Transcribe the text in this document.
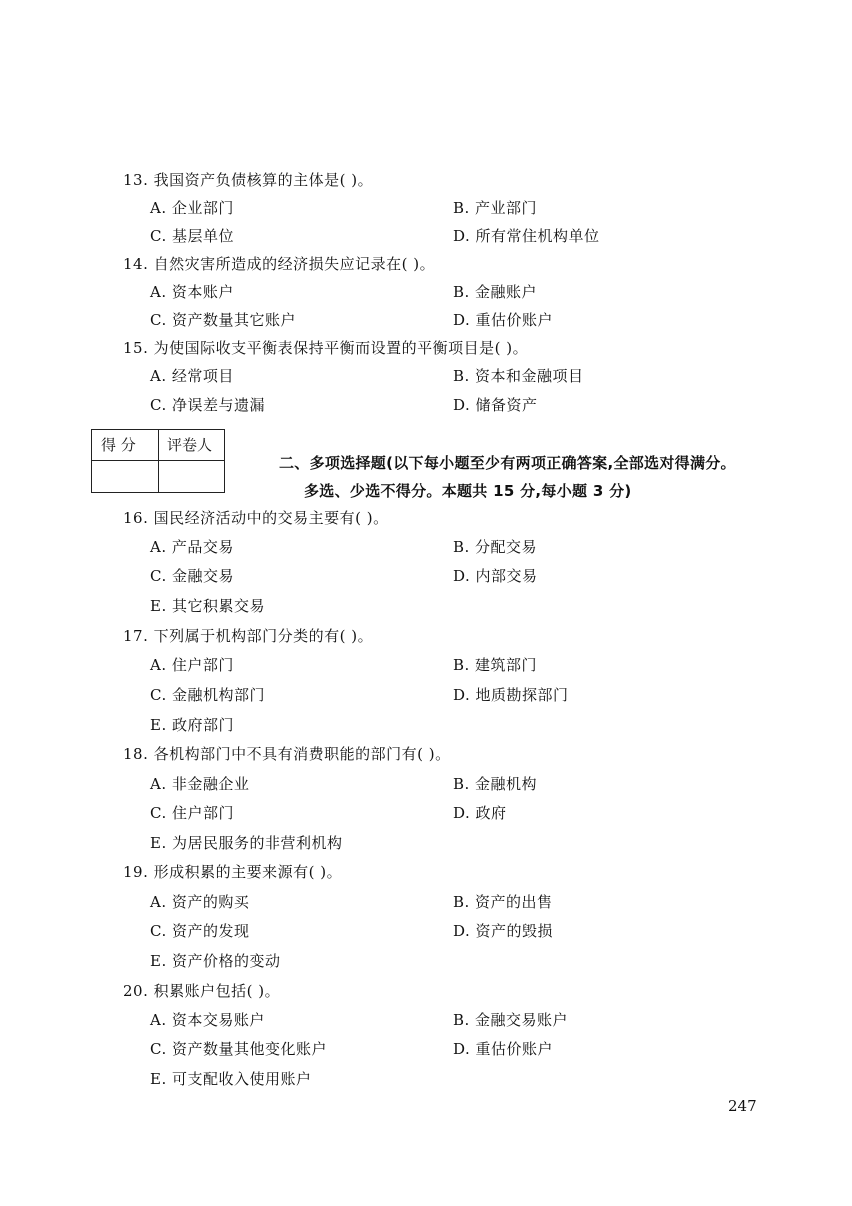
13. 我国资产负债核算的主体是( )。
A. 企业部门	B. 产业部门
C. 基层单位	D. 所有常住机构单位
14. 自然灾害所造成的经济损失应记录在( )。
A. 资本账户	B. 金融账户
C. 资产数量其它账户	D. 重估价账户
15. 为使国际收支平衡表保持平衡而设置的平衡项目是( )。
A. 经常项目	B. 资本和金融项目
C. 净误差与遗漏	D. 储备资产
得 分 评卷人
二、多项选择题(以下每小题至少有两项正确答案,全部选对得满分。
多选、少选不得分。本题共 15 分,每小题 3 分)
16. 国民经济活动中的交易主要有( )。
A. 产品交易	B. 分配交易
C. 金融交易	D. 内部交易
E. 其它积累交易
17. 下列属于机构部门分类的有( )。
A. 住户部门	B. 建筑部门
C. 金融机构部门	D. 地质勘探部门
E. 政府部门
18. 各机构部门中不具有消费职能的部门有( )。
A. 非金融企业	B. 金融机构
C. 住户部门	D. 政府
E. 为居民服务的非营利机构
19. 形成积累的主要来源有( )。
A. 资产的购买	B. 资产的出售
C. 资产的发现	D. 资产的毁损
E. 资产价格的变动
20. 积累账户包括( )。
A. 资本交易账户	B. 金融交易账户
C. 资产数量其他变化账户	D. 重估价账户
E. 可支配收入使用账户
247
